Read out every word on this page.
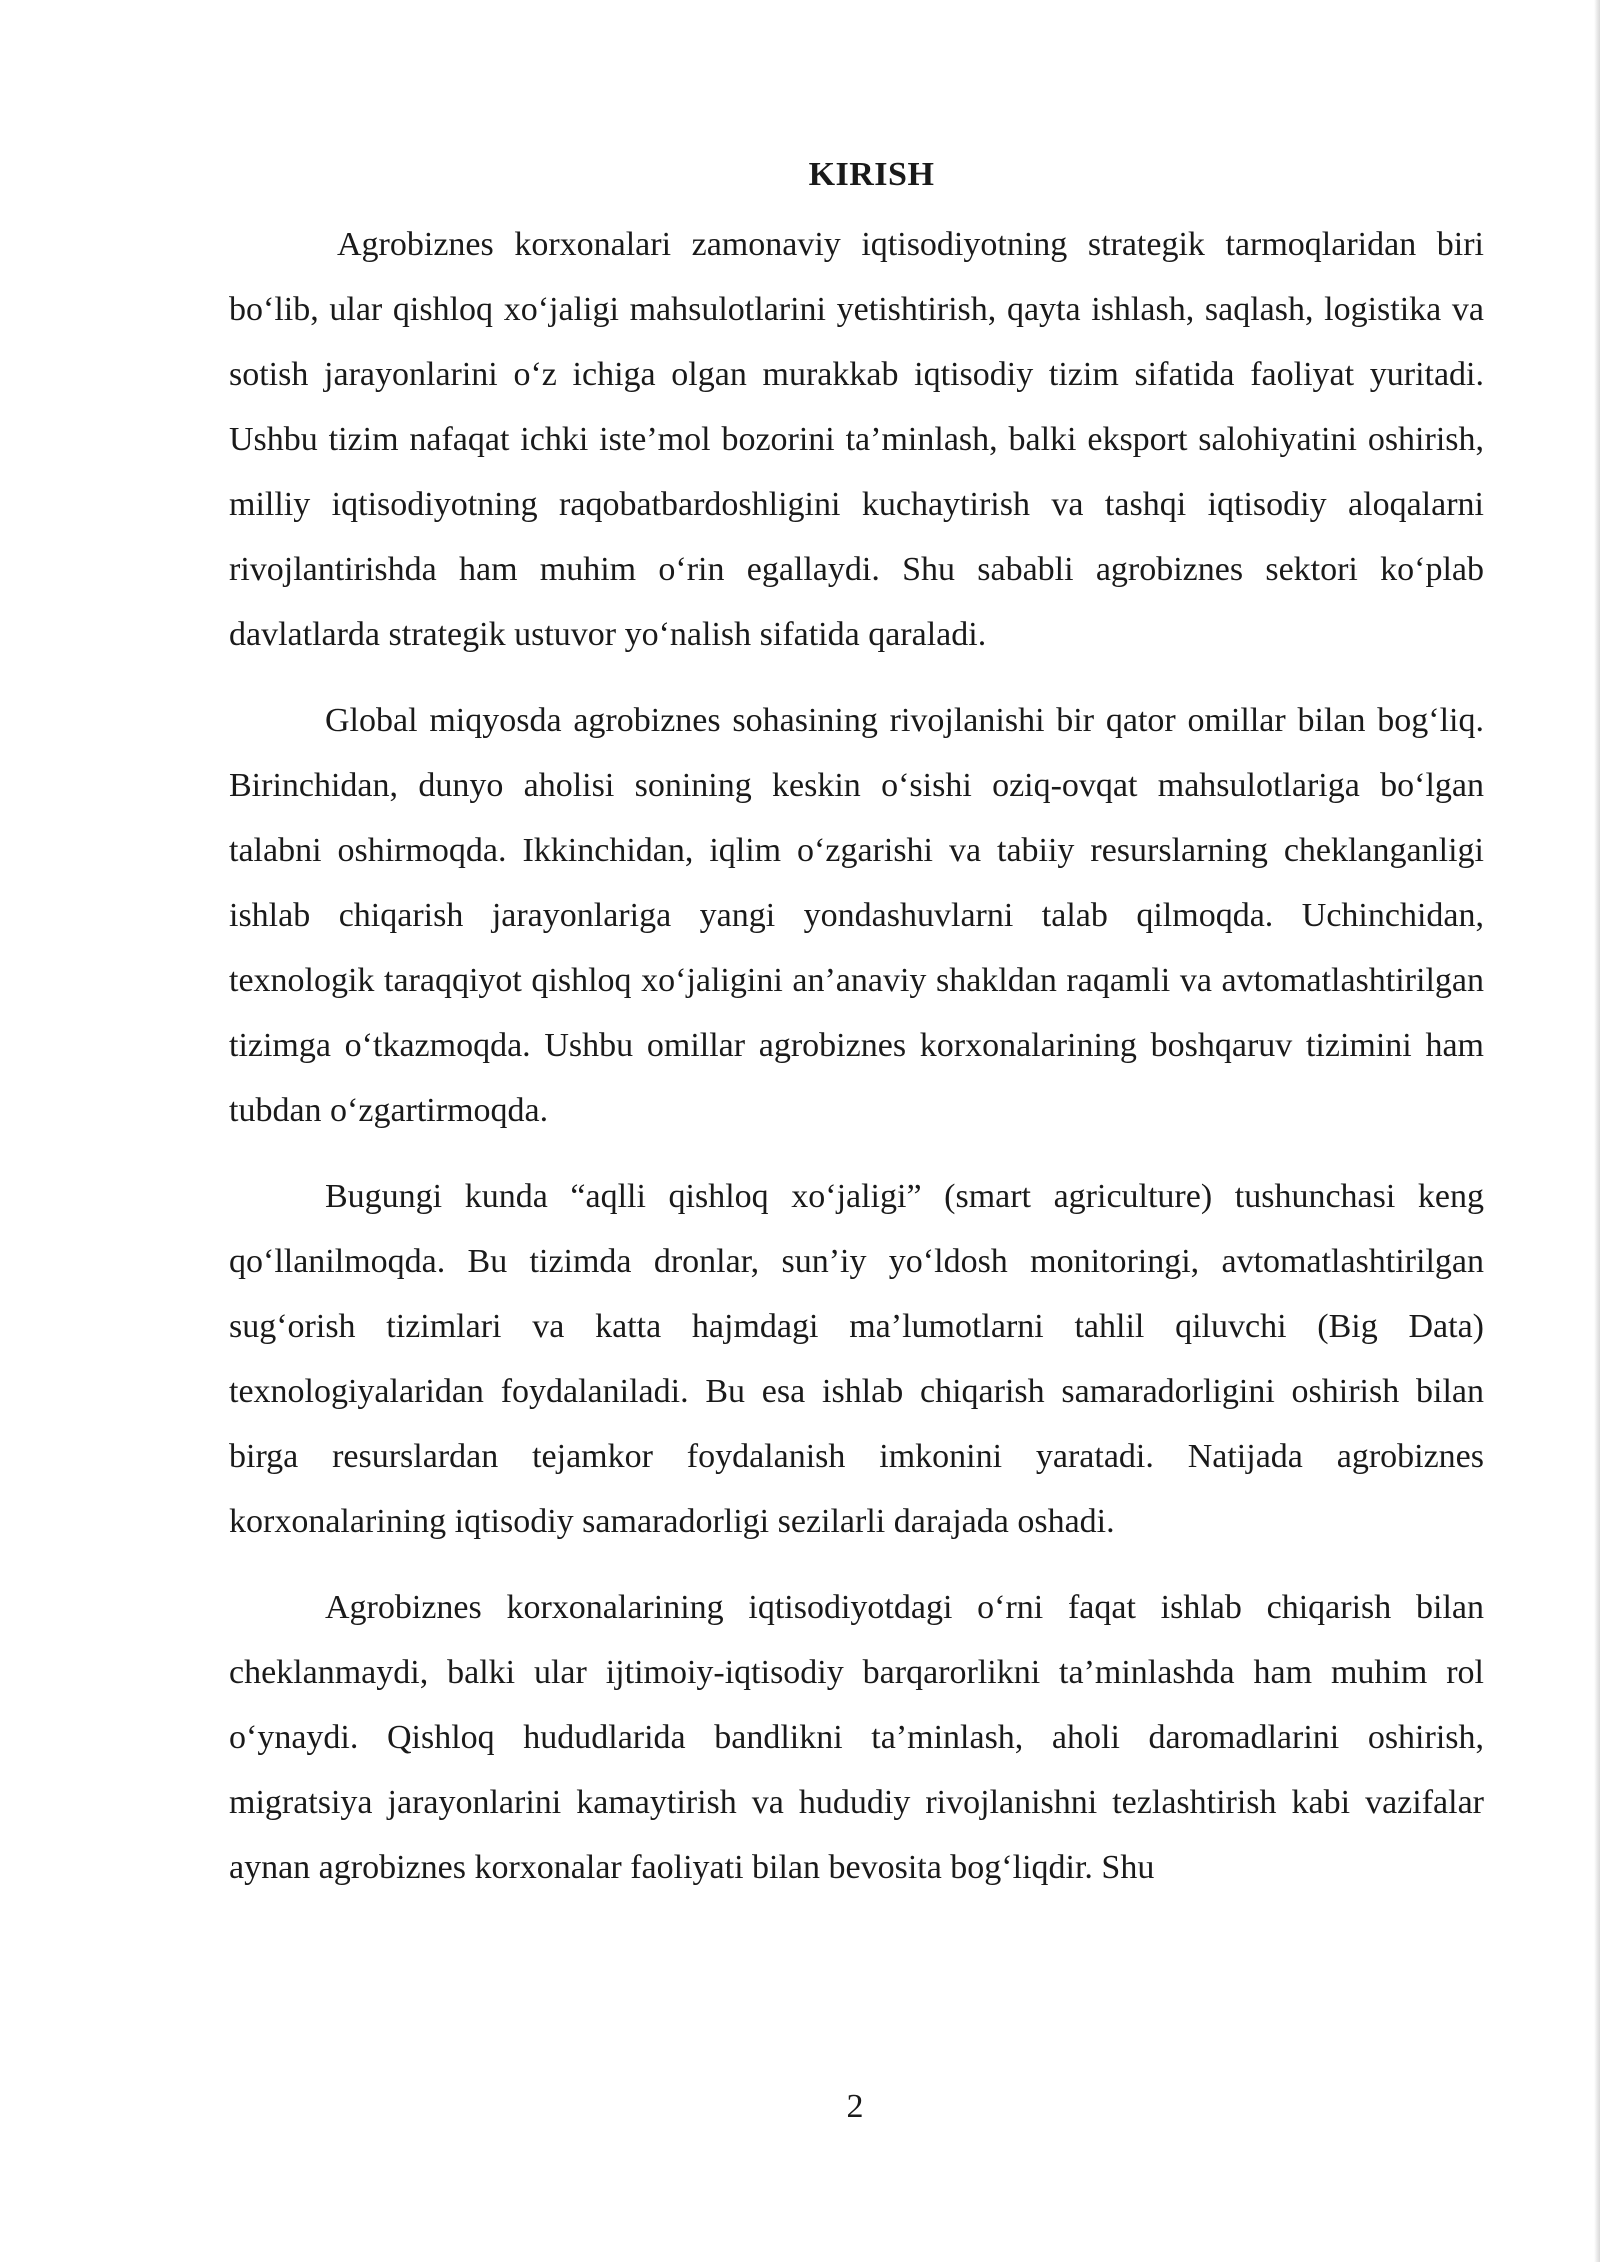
KIRISH

Agrobiznes korxonalari zamonaviy iqtisodiyotning strategik tarmoqlaridan biri bo‘lib, ular qishloq xo‘jaligi mahsulotlarini yetishtirish, qayta ishlash, saqlash, logistika va sotish jarayonlarini o‘z ichiga olgan murakkab iqtisodiy tizim sifatida faoliyat yuritadi. Ushbu tizim nafaqat ichki iste’mol bozorini ta’minlash, balki eksport salohiyatini oshirish, milliy iqtisodiyotning raqobatbardoshligini kuchaytirish va tashqi iqtisodiy aloqalarni rivojlantirishda ham muhim o‘rin egallaydi. Shu sababli agrobiznes sektori ko‘plab davlatlarda strategik ustuvor yo‘nalish sifatida qaraladi.

Global miqyosda agrobiznes sohasining rivojlanishi bir qator omillar bilan bog‘liq. Birinchidan, dunyo aholisi sonining keskin o‘sishi oziq-ovqat mahsulotlariga bo‘lgan talabni oshirmoqda. Ikkinchidan, iqlim o‘zgarishi va tabiiy resurslarning cheklanganligi ishlab chiqarish jarayonlariga yangi yondashuvlarni talab qilmoqda. Uchinchidan, texnologik taraqqiyot qishloq xo‘jaligini an’anaviy shakldan raqamli va avtomatlashtirilgan tizimga o‘tkazmoqda. Ushbu omillar agrobiznes korxonalarining boshqaruv tizimini ham tubdan o‘zgartirmoqda.

Bugungi kunda “aqlli qishloq xo‘jaligi” (smart agriculture) tushunchasi keng qo‘llanilmoqda. Bu tizimda dronlar, sun’iy yo‘ldosh monitoringi, avtomatlashtirilgan sug‘orish tizimlari va katta hajmdagi ma’lumotlarni tahlil qiluvchi (Big Data) texnologiyalaridan foydalaniladi. Bu esa ishlab chiqarish samaradorligini oshirish bilan birga resurslardan tejamkor foydalanish imkonini yaratadi. Natijada agrobiznes korxonalarining iqtisodiy samaradorligi sezilarli darajada oshadi.

Agrobiznes korxonalarining iqtisodiyotdagi o‘rni faqat ishlab chiqarish bilan cheklanmaydi, balki ular ijtimoiy-iqtisodiy barqarorlikni ta’minlashda ham muhim rol o‘ynaydi. Qishloq hududlarida bandlikni ta’minlash, aholi daromadlarini oshirish, migratsiya jarayonlarini kamaytirish va hududiy rivojlanishni tezlashtirish kabi vazifalar aynan agrobiznes korxonalar faoliyati bilan bevosita bog‘liqdir. Shu

2
